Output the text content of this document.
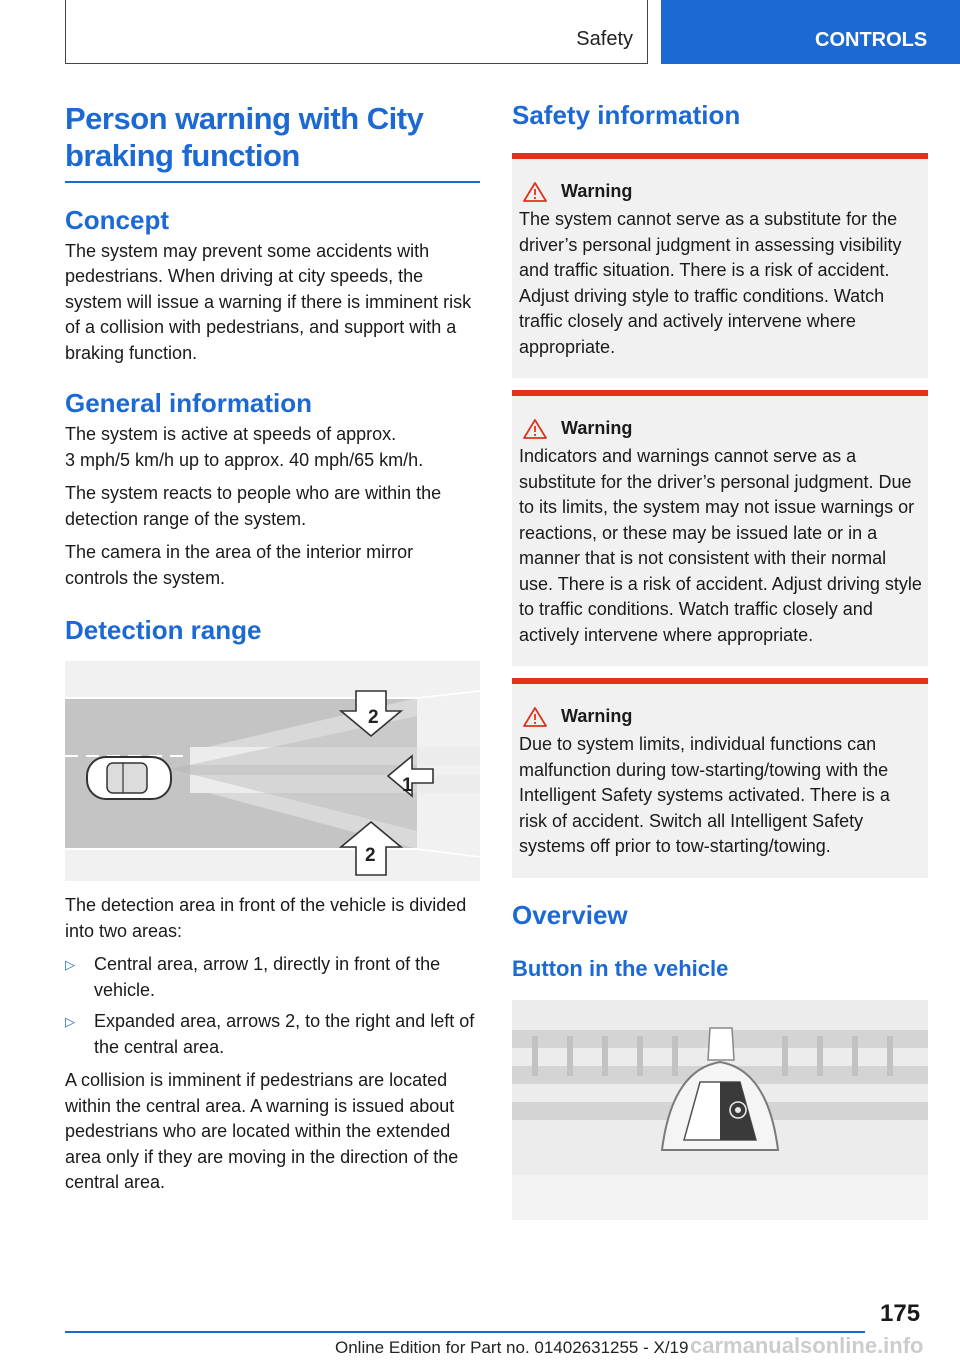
Safety	CONTROLS
Person warning with City braking function
Concept

The system may prevent some accidents with pedestrians. When driving at city speeds, the system will issue a warning if there is imminent risk of a collision with pedestrians, and support with a braking function.

General information

The system is active at speeds of approx.
3 mph/5 km/h up to approx. 40 mph/65 km/h.

The system reacts to people who are within the detection range of the system.

The camera in the area of the interior mirror controls the system.

Detection range
2
1
2

The detection area in front of the vehicle is divided into two areas:

▷ Central area, arrow 1, directly in front of the vehicle.
▷ Expanded area, arrows 2, to the right and left of the central area.

A collision is imminent if pedestrians are located within the central area. A warning is issued about pedestrians who are located within the extended area only if they are moving in the direction of the central area.

Safety information
Warning

The system cannot serve as a substitute for the driver’s personal judgment in assessing visibility and traffic situation. There is a risk of accident. Adjust driving style to traffic conditions. Watch traffic closely and actively intervene where appropriate.

Warning

Indicators and warnings cannot serve as a substitute for the driver’s personal judgment. Due to its limits, the system may not issue warnings or reactions, or these may be issued late or in a manner that is not consistent with their normal use. There is a risk of accident. Adjust driving style to traffic conditions. Watch traffic closely and actively intervene where appropriate.

Warning

Due to system limits, individual functions can malfunction during tow-starting/towing with the Intelligent Safety systems activated. There is a risk of accident. Switch all Intelligent Safety systems off prior to tow-starting/towing.

Overview
Button in the vehicle
175
Online Edition for Part no. 01402631255 - X/19 carmanualsonline.info
